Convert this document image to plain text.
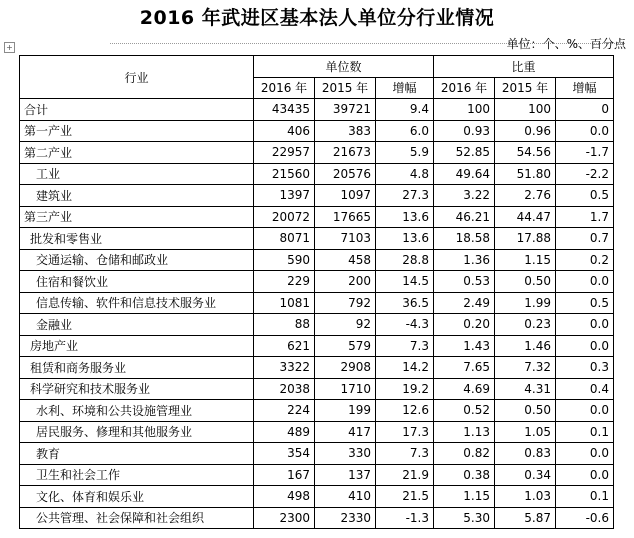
2016 年武进区基本法人单位分行业情况
+	单位：个、%、百分点
行业	单位数			比重		
	2016 年	2015 年	增幅	2016 年	2015 年	增幅
合计	43435	39721	9.4	100	100	0
第一产业	406	383	6.0	0.93	0.96	0.0
第二产业	22957	21673	5.9	52.85	54.56	-1.7
工业	21560	20576	4.8	49.64	51.80	-2.2
建筑业	1397	1097	27.3	3.22	2.76	0.5
第三产业	20072	17665	13.6	46.21	44.47	1.7
批发和零售业	8071	7103	13.6	18.58	17.88	0.7
交通运输、仓储和邮政业	590	458	28.8	1.36	1.15	0.2
住宿和餐饮业	229	200	14.5	0.53	0.50	0.0
信息传输、软件和信息技术服务业	1081	792	36.5	2.49	1.99	0.5
金融业	88	92	-4.3	0.20	0.23	0.0
房地产业	621	579	7.3	1.43	1.46	0.0
租赁和商务服务业	3322	2908	14.2	7.65	7.32	0.3
科学研究和技术服务业	2038	1710	19.2	4.69	4.31	0.4
水利、环境和公共设施管理业	224	199	12.6	0.52	0.50	0.0
居民服务、修理和其他服务业	489	417	17.3	1.13	1.05	0.1
教育	354	330	7.3	0.82	0.83	0.0
卫生和社会工作	167	137	21.9	0.38	0.34	0.0
文化、体育和娱乐业	498	410	21.5	1.15	1.03	0.1
公共管理、社会保障和社会组织	2300	2330	-1.3	5.30	5.87	-0.6
